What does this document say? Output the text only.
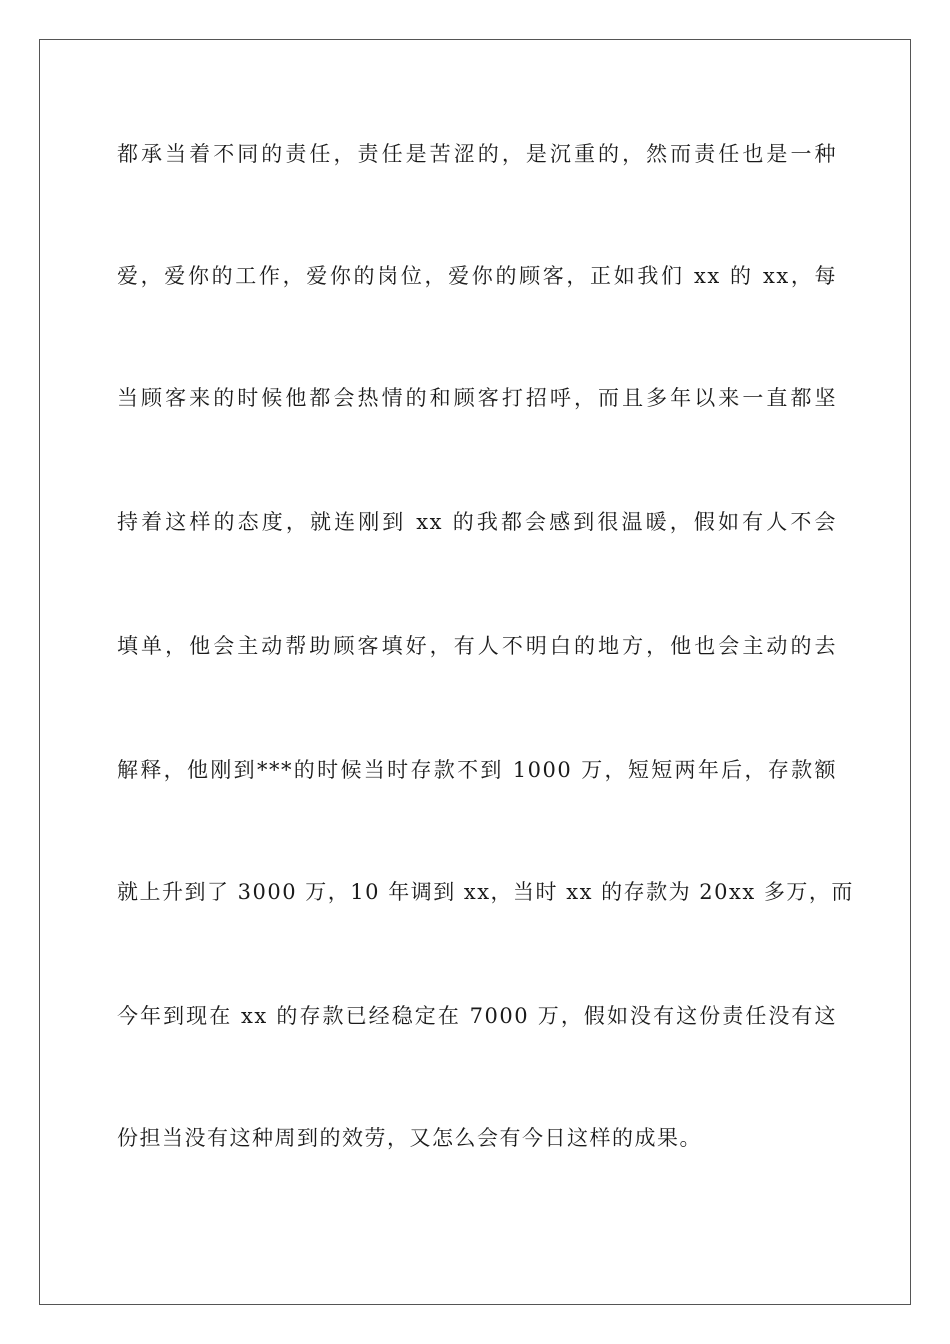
都承当着不同的责任，责任是苦涩的，是沉重的，然而责任也是一种
爱，爱你的工作，爱你的岗位，爱你的顾客，正如我们 xx 的 xx，每
当顾客来的时候他都会热情的和顾客打招呼，而且多年以来一直都坚
持着这样的态度，就连刚到 xx 的我都会感到很温暖，假如有人不会
填单，他会主动帮助顾客填好，有人不明白的地方，他也会主动的去
解释，他刚到***的时候当时存款不到 1000 万，短短两年后，存款额
就上升到了 3000 万，10 年调到 xx，当时 xx 的存款为 20xx 多万，而
今年到现在 xx 的存款已经稳定在 7000 万，假如没有这份责任没有这
份担当没有这种周到的效劳，又怎么会有今日这样的成果。
